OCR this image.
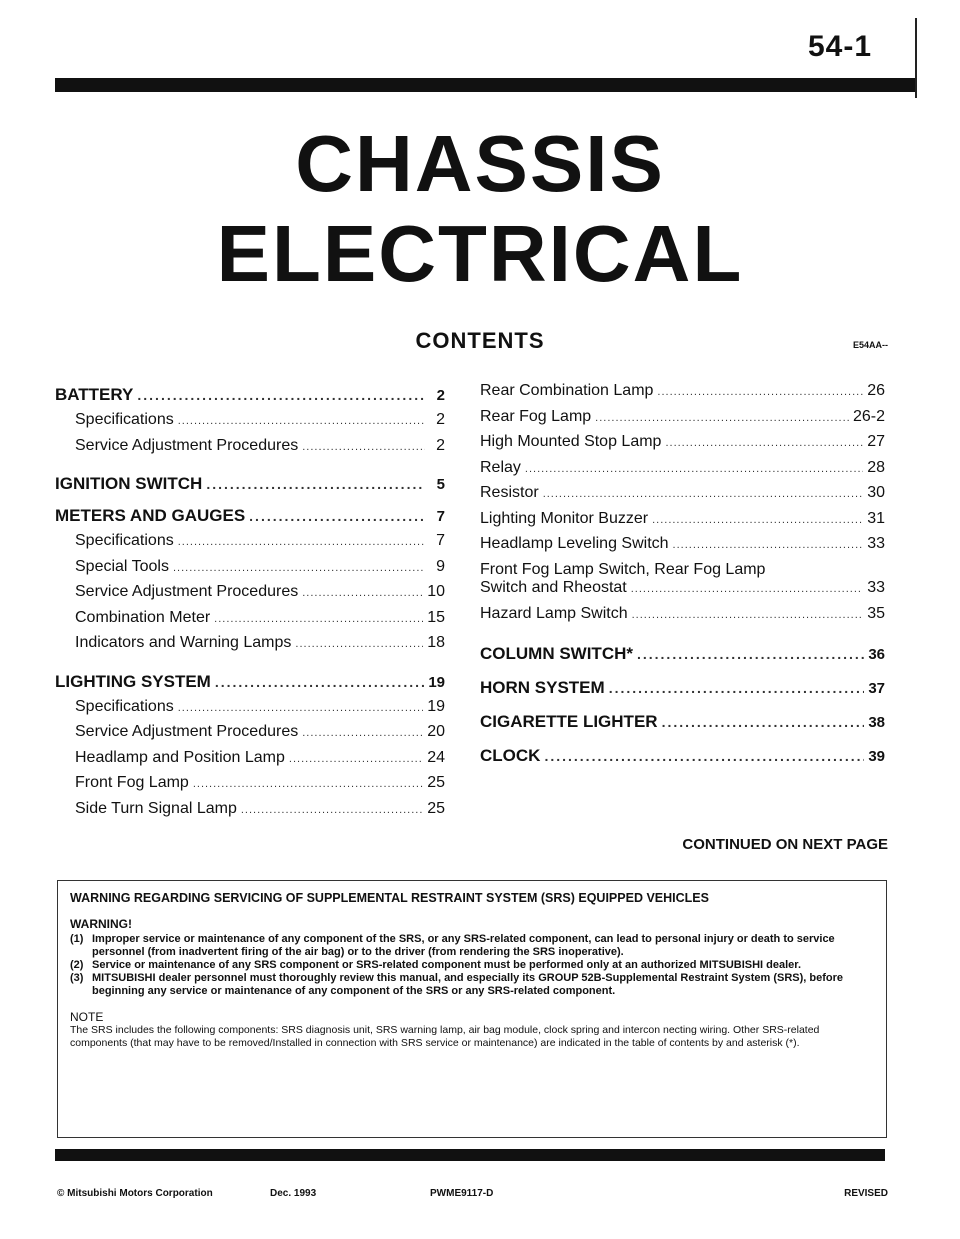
54-1
CHASSIS
ELECTRICAL
CONTENTS	E54AA--
BATTERY .....	2
Specifications .....	2
Service Adjustment Procedures .....	2
IGNITION SWITCH .....	5
METERS AND GAUGES .....	7
Specifications .....	7
Special Tools .....	9
Service Adjustment Procedures .....	10
Combination Meter .....	15
Indicators and Warning Lamps .....	18
LIGHTING SYSTEM .....	19
Specifications .....	19
Service Adjustment Procedures .....	20
Headlamp and Position Lamp .....	24
Front Fog Lamp .....	25
Side Turn Signal Lamp .....	25
Rear Combination Lamp .....	26
Rear Fog Lamp .....	26-2
High Mounted Stop Lamp .....	27
Relay .....	28
Resistor .....	30
Lighting Monitor Buzzer .....	31
Headlamp Leveling Switch .....	33
Front Fog Lamp Switch, Rear Fog Lamp
Switch and Rheostat .....	33
Hazard Lamp Switch .....	35
COLUMN SWITCH* .....	36
HORN SYSTEM .....	37
CIGARETTE LIGHTER .....	38
CLOCK .....	39
CONTINUED ON NEXT PAGE
WARNING REGARDING SERVICING OF SUPPLEMENTAL RESTRAINT SYSTEM (SRS) EQUIPPED VEHICLES
WARNING!
(1) Improper service or maintenance of any component of the SRS, or any SRS-related component, can lead to personal injury or death to service personnel (from inadvertent firing of the air bag) or to the driver (from rendering the SRS inoperative).
(2) Service or maintenance of any SRS component or SRS-related component must be performed only at an authorized MITSUBISHI dealer.
(3) MITSUBISHI dealer personnel must thoroughly review this manual, and especially its GROUP 52B-Supplemental Restraint System (SRS), before beginning any service or maintenance of any component of the SRS or any SRS-related component.
NOTE
The SRS includes the following components: SRS diagnosis unit, SRS warning lamp, air bag module, clock spring and intercon necting wiring. Other SRS-related components (that may have to be removed/Installed in connection with SRS service or maintenance) are indicated in the table of contents by and asterisk (*).
© Mitsubishi Motors Corporation	Dec. 1993	PWME9117-D	REVISED
